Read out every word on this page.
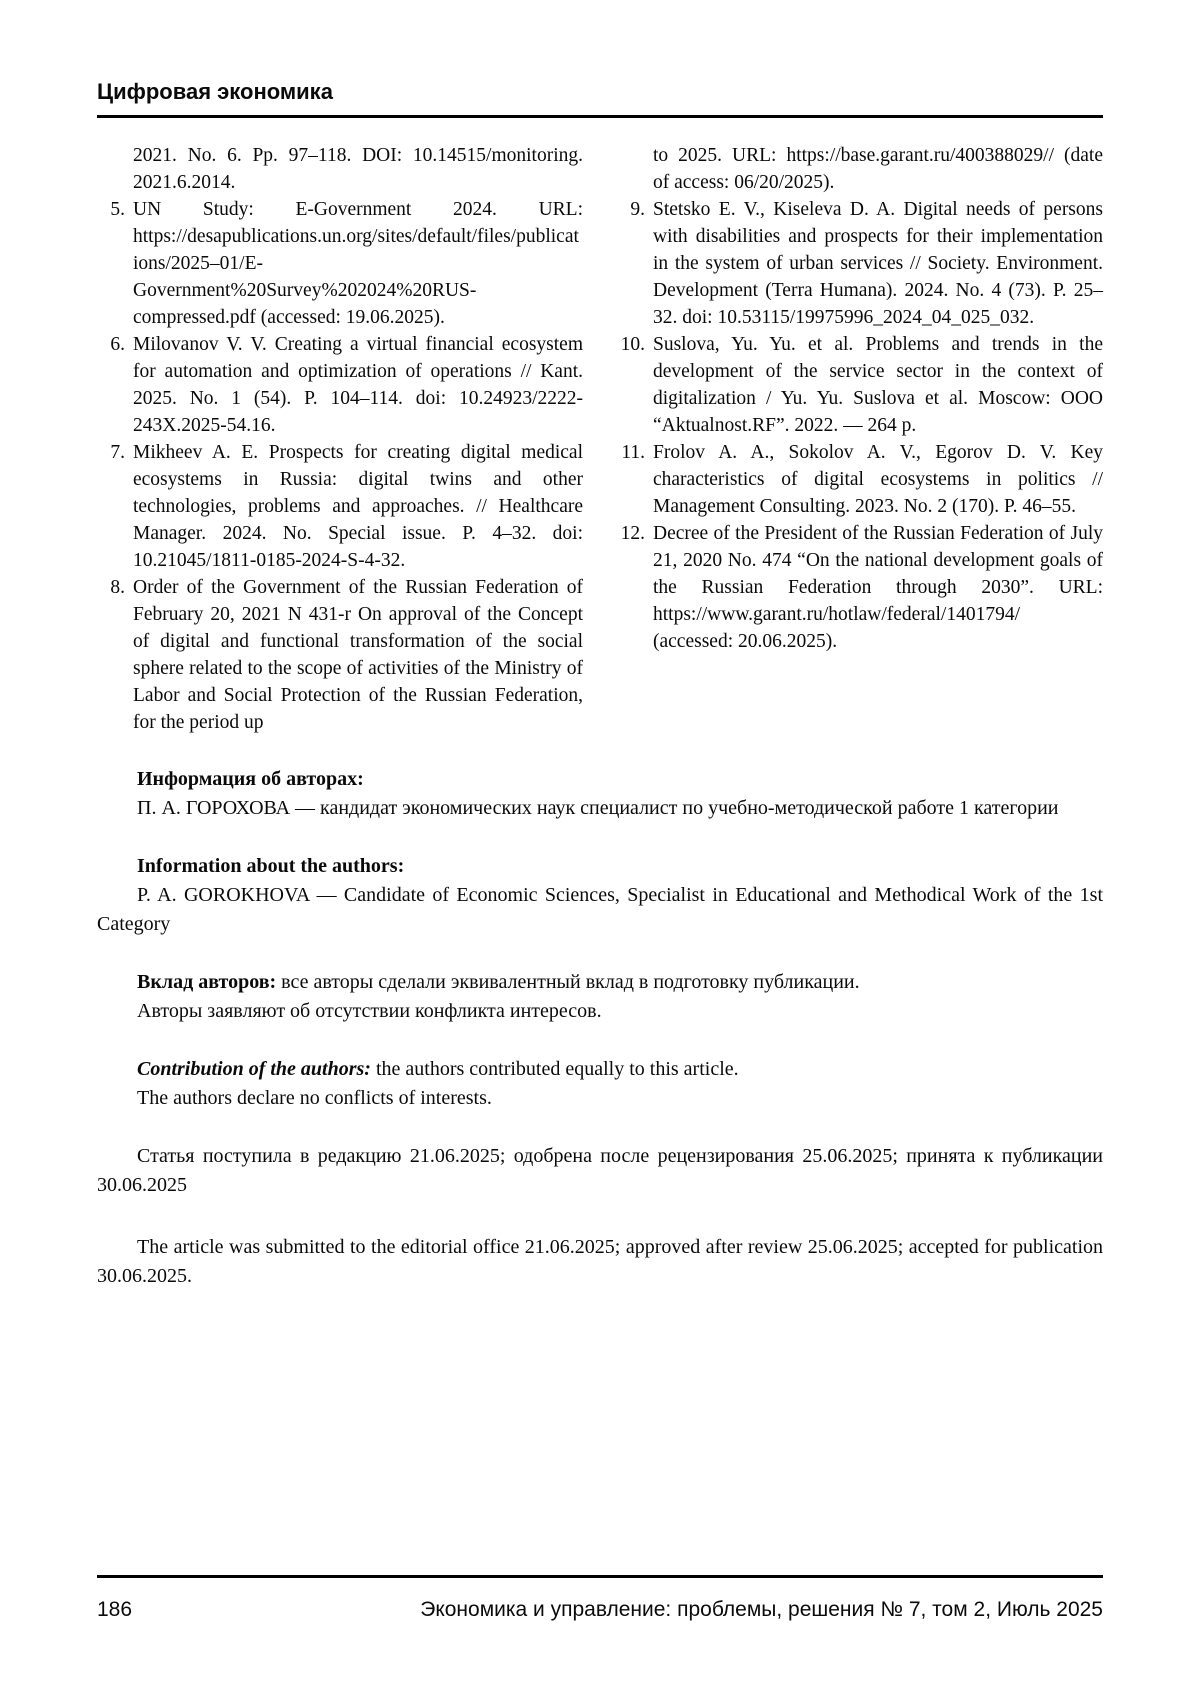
Цифровая экономика
2021. No. 6. Pp. 97–118. DOI: 10.14515/monitoring. 2021.6.2014.
5. UN Study: E-Government 2024. URL: https://desapublications.un.org/sites/default/files/publications/2025–01/E-Government%20Survey%202024%20RUS-compressed.pdf (accessed: 19.06.2025).
6. Milovanov V. V. Creating a virtual financial ecosystem for automation and optimization of operations // Kant. 2025. No. 1 (54). P. 104–114. doi: 10.24923/2222-243X.2025-54.16.
7. Mikheev A. E. Prospects for creating digital medical ecosystems in Russia: digital twins and other technologies, problems and approaches. // Healthcare Manager. 2024. No. Special issue. P. 4–32. doi: 10.21045/1811-0185-2024-S-4-32.
8. Order of the Government of the Russian Federation of February 20, 2021 N 431-r On approval of the Concept of digital and functional transformation of the social sphere related to the scope of activities of the Ministry of Labor and Social Protection of the Russian Federation, for the period up
to 2025. URL: https://base.garant.ru/400388029// (date of access: 06/20/2025).
9. Stetsko E. V., Kiseleva D. A. Digital needs of persons with disabilities and prospects for their implementation in the system of urban services // Society. Environment. Development (Terra Humana). 2024. No. 4 (73). P. 25–32. doi: 10.53115/19975996_2024_04_025_032.
10. Suslova, Yu. Yu. et al. Problems and trends in the development of the service sector in the context of digitalization / Yu. Yu. Suslova et al. Moscow: OOO “Aktualnost.RF”. 2022. — 264 p.
11. Frolov A. A., Sokolov A. V., Egorov D. V. Key characteristics of digital ecosystems in politics // Management Consulting. 2023. No. 2 (170). P. 46–55.
12. Decree of the President of the Russian Federation of July 21, 2020 No. 474 “On the national development goals of the Russian Federation through 2030”. URL: https://www.garant.ru/hotlaw/federal/1401794/ (accessed: 20.06.2025).

Информация об авторах:

П. А. ГОРОХОВА — кандидат экономических наук специалист по учебно-методической работе 1 категории

Information about the authors:

P. A. GOROKHOVA — Candidate of Economic Sciences, Specialist in Educational and Methodical Work of the 1st Category

Вклад авторов: все авторы сделали эквивалентный вклад в подготовку публикации.

Авторы заявляют об отсутствии конфликта интересов.

Contribution of the authors: the authors contributed equally to this article.

The authors declare no conflicts of interests.

Статья поступила в редакцию 21.06.2025; одобрена после рецензирования 25.06.2025; принята к публикации 30.06.2025

The article was submitted to the editorial office 21.06.2025; approved after review 25.06.2025; accepted for publication 30.06.2025.

186	Экономика и управление: проблемы, решения № 7, том 2, Июль 2025
